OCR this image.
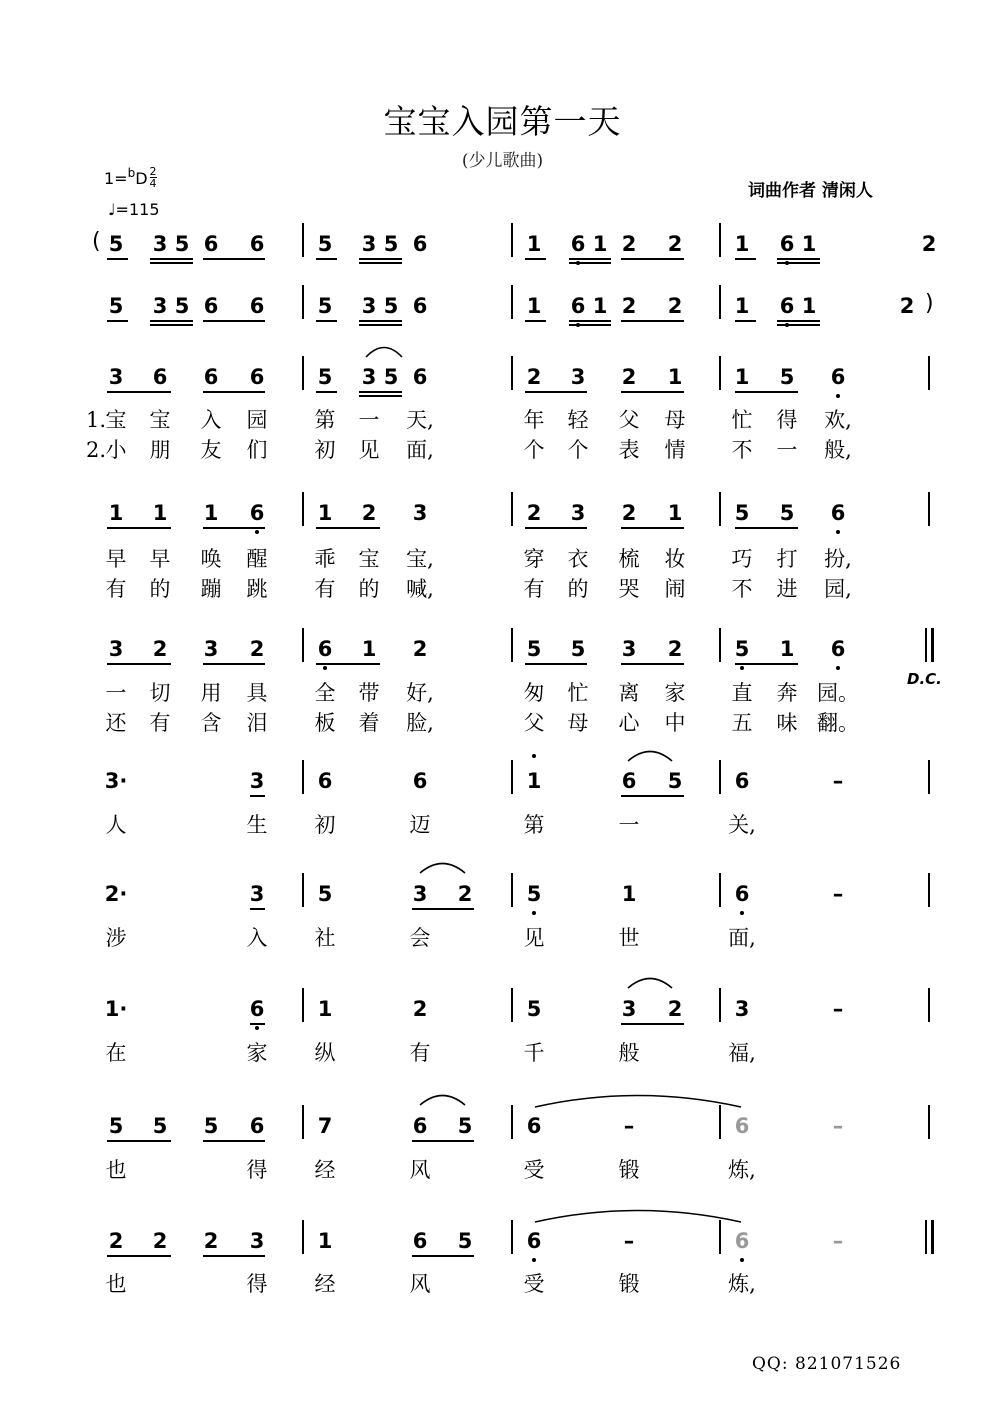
宝宝入园第一天
(少儿歌曲)
$1=^bD \frac{2}{4}$
♩=115
词曲作者 清闲人
D.C.
QQ: 821071526
( 5 3 5 6 6	5 3 5 6	1 6 1 2 2 1 6 1	2
5 3 5 6 6	5 3 5 6	1 6 1 2 2 1 6 1	2 )
3 6 6 6	5 3 5 6	2 3 2 1 1 5 6
1. 宝 宝 入 园 第 一 天,	年 轻 父 母 忙 得 欢,
2. 小 朋 友 们 初 见 面,	个 个 表 情 不 一 般,
1 1 1 6	1 2 3	2 3 2 1 5 5 6
早 早 唤 醒 乖 宝 宝,	穿 衣 梳 妆 巧 打 扮,
有 的 蹦 跳 有 的 喊,	有 的 哭 闹 不 进 园,
3 2 3 2	6 1 2	5 5 3 2 5 1 6
一 切 用 具 全 带 好,	匆 忙 离 家 直 奔 园。
还 有 含 泪 板 着 脸,	父 母 心 中 五 味 翻。
3·	3	6	6	1	6 5 6	–
人	生 初	迈	第	一	关,
2·	3	5	3 2	5	1	6	–
涉	入 社	会	见	世	面,
1·	6	1	2	5	3 2 3	–
在	家 纵	有	千	般	福,
5 5 5 6	7	6 5	6	–	6	–
也	得 经	风	受	锻	炼,
2 2 2 3	1	6 5	6	–	6	–
也	得 经	风	受	锻	炼,
